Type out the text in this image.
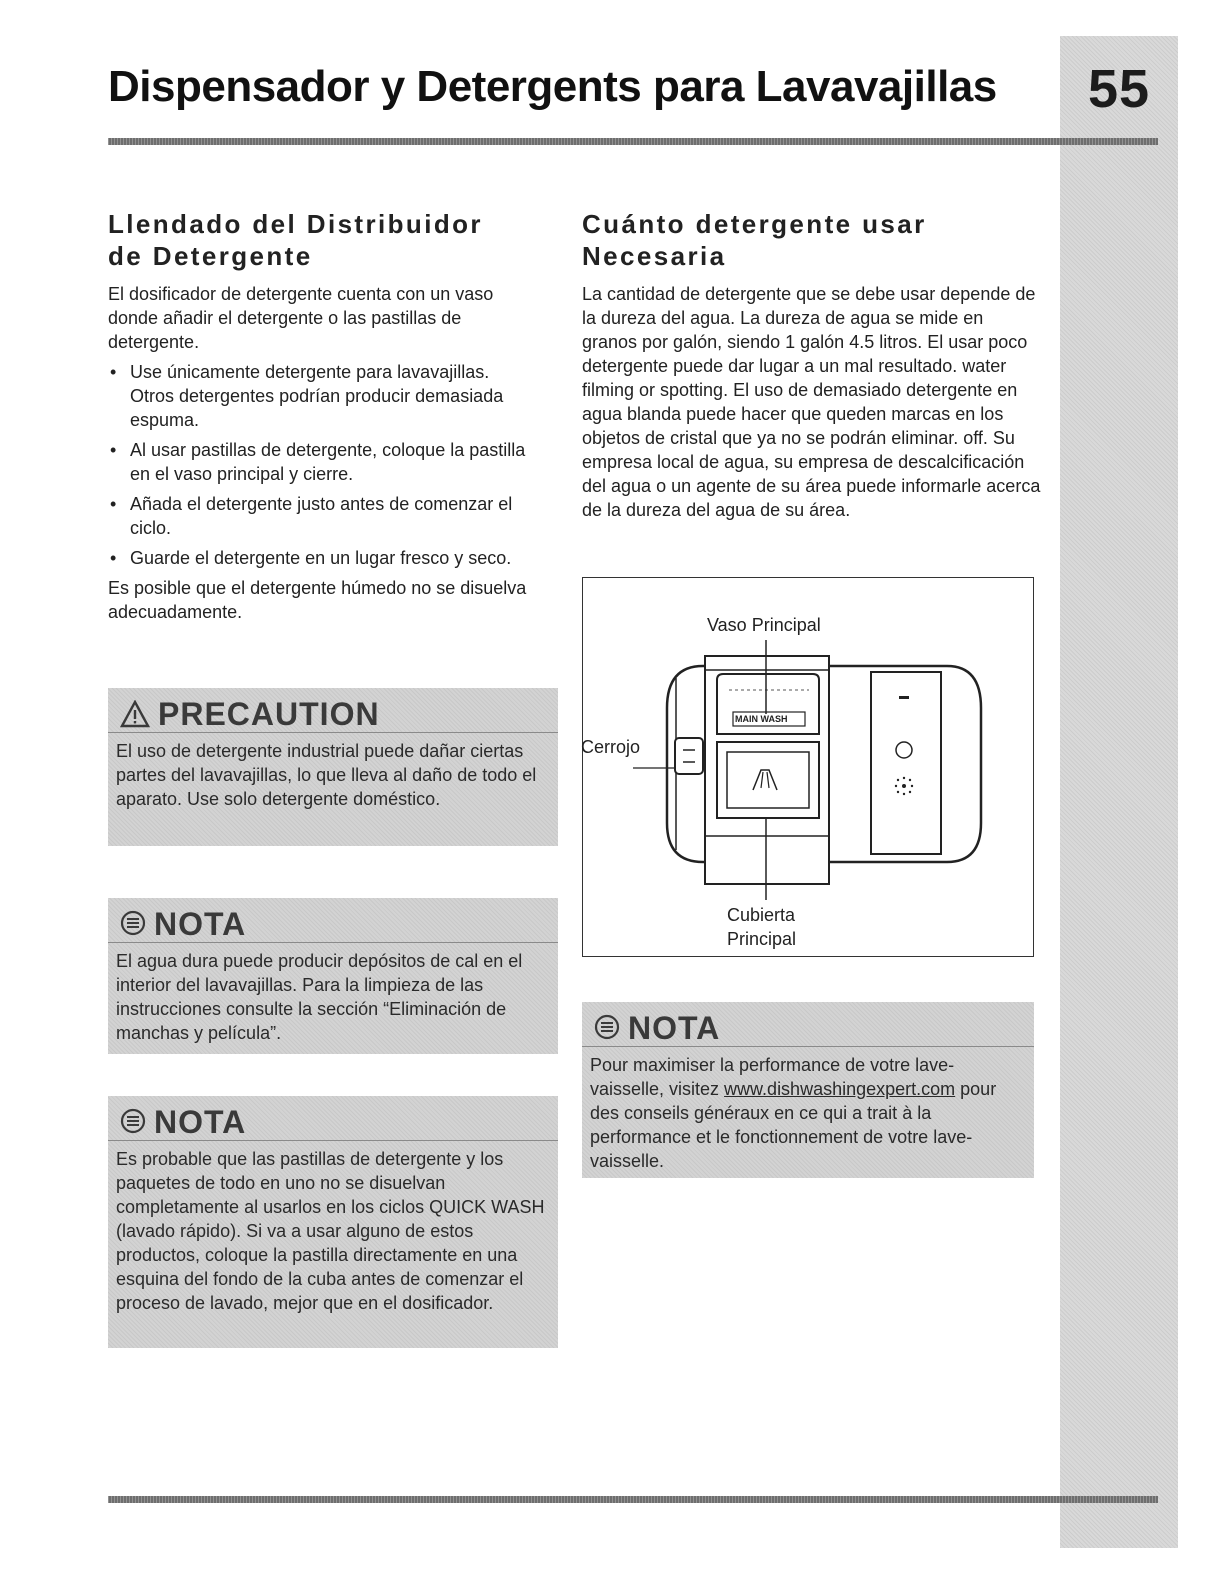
55
Dispensador y Detergents para Lavavajillas
Llendado del Distribuidor
de Detergente

El dosificador de detergente cuenta con un vaso donde añadir el detergente o las pastillas de detergente.

• Use únicamente detergente para lavavajillas. Otros detergentes podrían producir demasiada espuma.
• Al usar pastillas de detergente, coloque la pastilla en el vaso principal y cierre.
• Añada el detergente justo antes de comenzar el ciclo.
• Guarde el detergente en un lugar fresco y seco.

Es posible que el detergente húmedo no se disuelva adecuadamente.

PRECAUTION

El uso de detergente industrial puede dañar ciertas partes del lavavajillas, lo que lleva al daño de todo el aparato. Use solo detergente doméstico.

NOTA

El agua dura puede producir depósitos de cal en el interior del lavavajillas. Para la limpieza de las instrucciones consulte la sección “Eliminación de manchas y película”.

NOTA

Es probable que las pastillas de detergente y los paquetes de todo en uno no se disuelvan completamente al usarlos en los ciclos QUICK WASH (lavado rápido). Si va a usar alguno de estos productos, coloque la pastilla directamente en una esquina del fondo de la cuba antes de comenzar el proceso de lavado, mejor que en el dosificador.

Cuánto detergente usar
Necesaria

La cantidad de detergente que se debe usar depende de la dureza del agua. La dureza de agua se mide en granos por galón, siendo 1 galón 4.5 litros. El usar poco detergente puede dar lugar a un mal resultado. water filming or spotting. El uso de demasiado detergente en agua blanda puede hacer que queden marcas en los objetos de cristal que ya no se podrán eliminar. off. Su empresa local de agua, su empresa de descalcificación del agua o un agente de su área puede informarle acerca de la dureza del agua de su área.

Vaso Principal
Cerrojo
MAIN WASH
Cubierta
Principal
NOTA

Pour maximiser la performance de votre lave-vaisselle, visitez www.dishwashingexpert.com pour des conseils généraux en ce qui a trait à la performance et le fonctionnement de votre lave-vaisselle.
